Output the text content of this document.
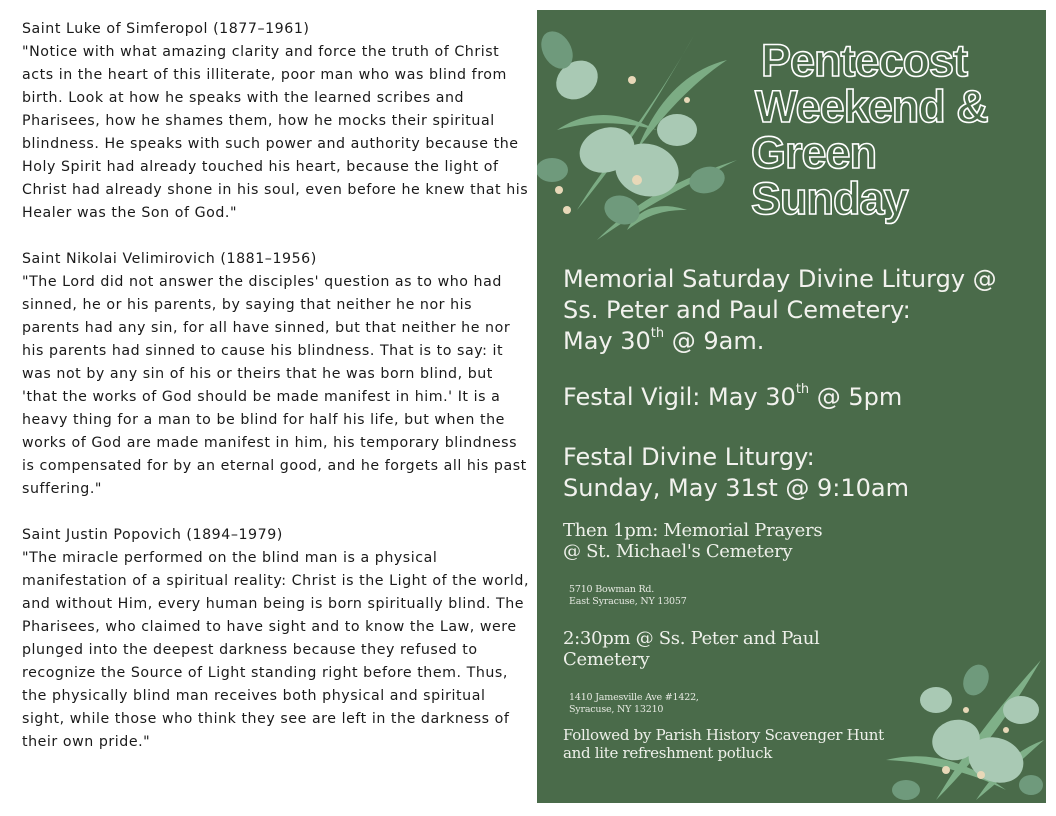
Saint Luke of Simferopol (1877–1961)

"Notice with what amazing clarity and force the truth of Christ acts in the heart of this illiterate, poor man who was blind from birth. Look at how he speaks with the learned scribes and Pharisees, how he shames them, how he mocks their spiritual blindness. He speaks with such power and authority because the Holy Spirit had already touched his heart, because the light of Christ had already shone in his soul, even before he knew that his Healer was the Son of God."

Saint Nikolai Velimirovich (1881–1956)

"The Lord did not answer the disciples' question as to who had sinned, he or his parents, by saying that neither he nor his parents had any sin, for all have sinned, but that neither he nor his parents had sinned to cause his blindness. That is to say: it was not by any sin of his or theirs that he was born blind, but 'that the works of God should be made manifest in him.' It is a heavy thing for a man to be blind for half his life, but when the works of God are made manifest in him, his temporary blindness is compensated for by an eternal good, and he forgets all his past suffering."

Saint Justin Popovich (1894–1979)

"The miracle performed on the blind man is a physical manifestation of a spiritual reality: Christ is the Light of the world, and without Him, every human being is born spiritually blind. The Pharisees, who claimed to have sight and to know the Law, were plunged into the deepest darkness because they refused to recognize the Source of Light standing right before them. Thus, the physically blind man receives both physical and spiritual sight, while those who think they see are left in the darkness of their own pride."

Pentecost
Weekend &
Green
Sunday
Memorial Saturday Divine Liturgy @
Ss. Peter and Paul Cemetery:
May 30th @ 9am.
Festal Vigil: May 30th @ 5pm
Festal Divine Liturgy:
Sunday, May 31st @ 9:10am
Then 1pm: Memorial Prayers
@ St. Michael's Cemetery
5710 Bowman Rd.
East Syracuse, NY 13057
2:30pm @ Ss. Peter and Paul
Cemetery
1410 Jamesville Ave #1422,
Syracuse, NY 13210
Followed by Parish History Scavenger Hunt
and lite refreshment potluck
